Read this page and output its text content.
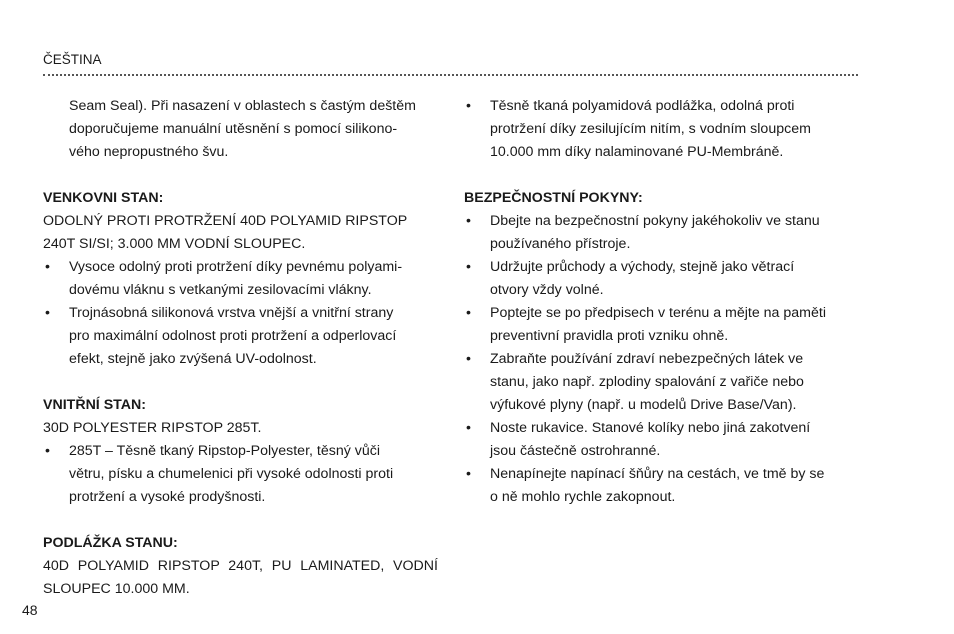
ČEŠTINA
Seam Seal). Při nasazení v oblastech s častým deštěm
doporučujeme manuální utěsnění s pomocí silikono-
vého nepropustného švu.
VENKOVNI STAN:
ODOLNÝ PROTI PROTRŽENÍ 40D POLYAMID RIPSTOP
240T SI/SI; 3.000 MM VODNÍ SLOUPEC.
• Vysoce odolný proti protržení díky pevnému polyami-
dovému vláknu s vetkanými zesilovacími vlákny.
• Trojnásobná silikonová vrstva vnější a vnitřní strany
pro maximální odolnost proti protržení a odperlovací
efekt, stejně jako zvýšená UV-odolnost.
VNITŘNÍ STAN:
30D POLYESTER RIPSTOP 285T.
• 285T – Těsně tkaný Ripstop-Polyester, těsný vůči
větru, písku a chumelenici při vysoké odolnosti proti
protržení a vysoké prodyšnosti.
PODLÁŽKA STANU:
40D POLYAMID RIPSTOP 240T, PU LAMINATED, VODNÍ
SLOUPEC 10.000 MM.
• Těsně tkaná polyamidová podlážka, odolná proti
protržení díky zesilujícím nitím, s vodním sloupcem
10.000 mm díky nalaminované PU-Membráně.
BEZPEČNOSTNÍ POKYNY:
• Dbejte na bezpečnostní pokyny jakéhokoliv ve stanu
používaného přístroje.
• Udržujte průchody a východy, stejně jako větrací
otvory vždy volné.
• Poptejte se po předpisech v terénu a mějte na paměti
preventivní pravidla proti vzniku ohně.
• Zabraňte používání zdraví nebezpečných látek ve
stanu, jako např. zplodiny spalování z vařiče nebo
výfukové plyny (např. u modelů Drive Base/Van).
• Noste rukavice. Stanové kolíky nebo jiná zakotvení
jsou částečně ostrohranné.
• Nenapínejte napínací šňůry na cestách, ve tmě by se
o ně mohlo rychle zakopnout.
48
